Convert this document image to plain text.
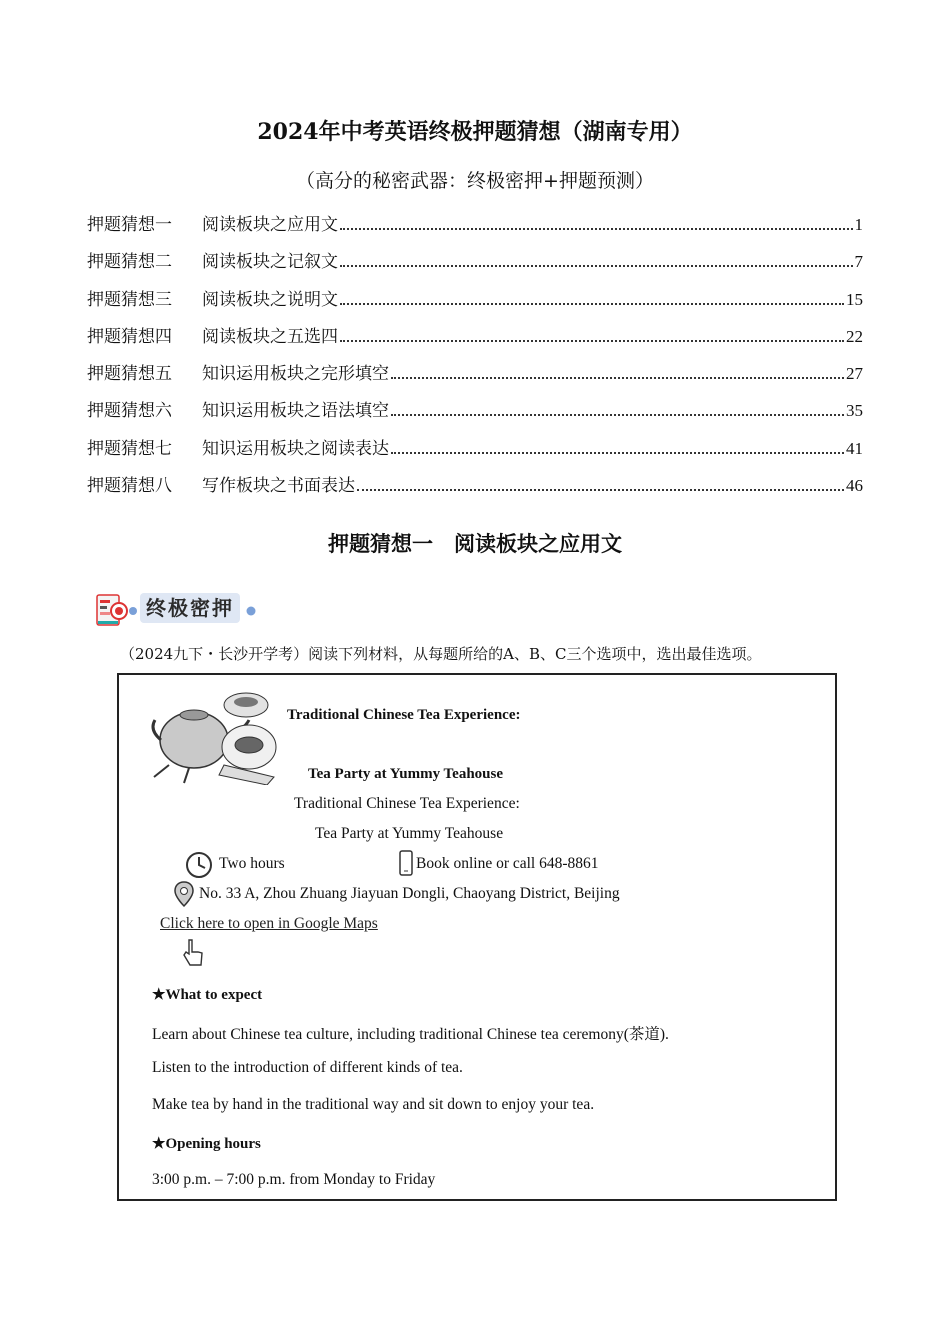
2024年中考英语终极押题猜想（湖南专用）
（高分的秘密武器：终极密押+押题预测）
押题猜想一	阅读板块之应用文	1
押题猜想二	阅读板块之记叙文	7
押题猜想三	阅读板块之说明文	15
押题猜想四	阅读板块之五选四	22
押题猜想五	知识运用板块之完形填空	27
押题猜想六	知识运用板块之语法填空	35
押题猜想七	知识运用板块之阅读表达	41
押题猜想八	写作板块之书面表达	46
押题猜想一　阅读板块之应用文
终极密押
（2024九下・长沙开学考）阅读下列材料，从每题所给的A、B、C三个选项中，选出最佳选项。
Traditional Chinese Tea Experience:
Tea Party at Yummy Teahouse
Traditional Chinese Tea Experience:
Tea Party at Yummy Teahouse
Two hours	Book online or call 648-8861
No. 33 A, Zhou Zhuang Jiayuan Dongli, Chaoyang District, Beijing
Click here to open in Google Maps
★What to expect
Learn about Chinese tea culture, including traditional Chinese tea ceremony(茶道).
Listen to the introduction of different kinds of tea.
Make tea by hand in the traditional way and sit down to enjoy your tea.
★Opening hours
3:00 p.m. – 7:00 p.m. from Monday to Friday
